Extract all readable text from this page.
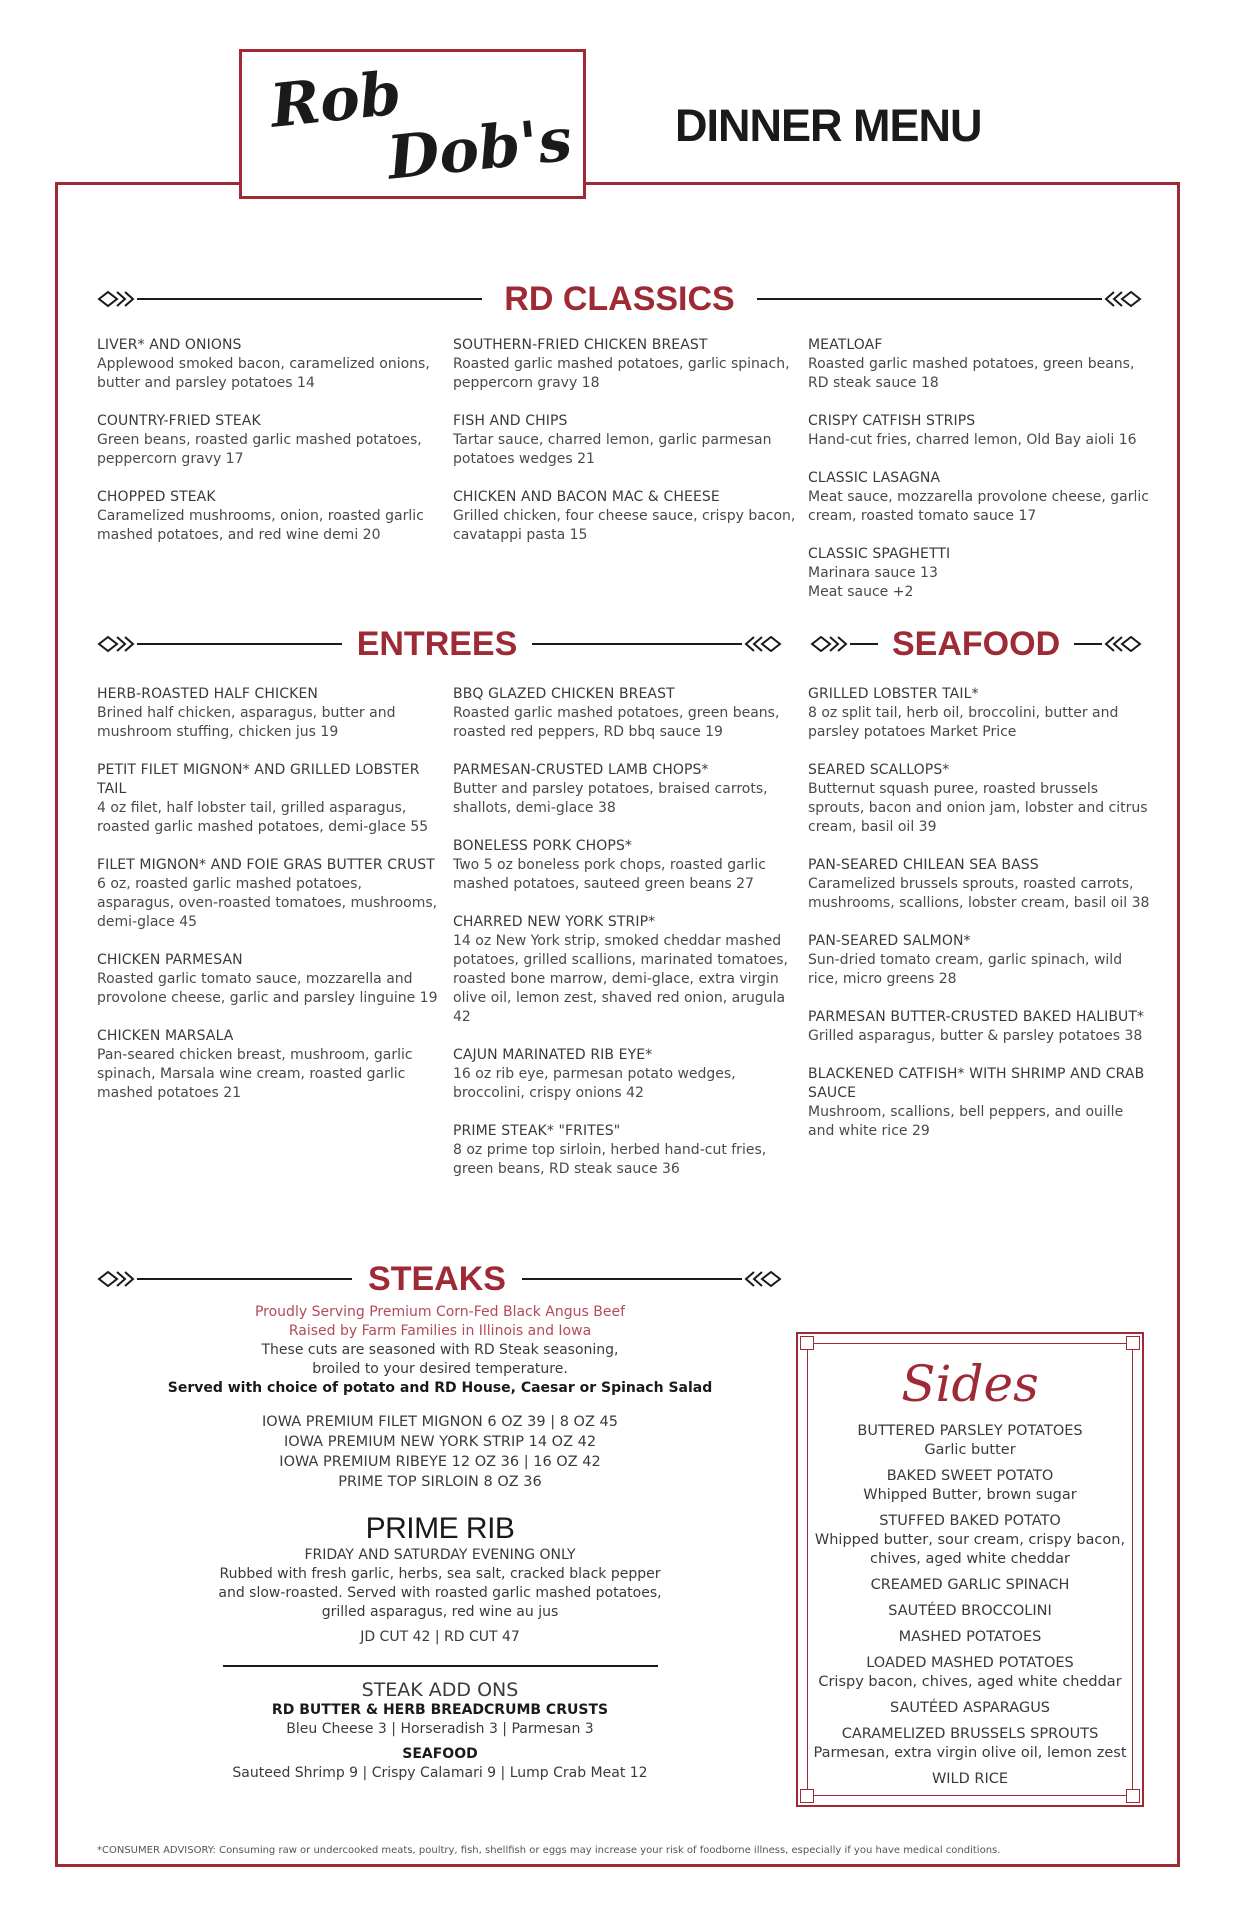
Rob
Dob's DINNER MENU
RD CLASSICS
LIVER* AND ONIONS
Applewood smoked bacon, caramelized onions, butter and parsley potatoes 14
COUNTRY-FRIED STEAK
Green beans, roasted garlic mashed potatoes, peppercorn gravy 17
CHOPPED STEAK
Caramelized mushrooms, onion, roasted garlic mashed potatoes, and red wine demi 20
SOUTHERN-FRIED CHICKEN BREAST
Roasted garlic mashed potatoes, garlic spinach, peppercorn gravy 18
FISH AND CHIPS
Tartar sauce, charred lemon, garlic parmesan potatoes wedges 21
CHICKEN AND BACON MAC & CHEESE
Grilled chicken, four cheese sauce, crispy bacon, cavatappi pasta 15
MEATLOAF
Roasted garlic mashed potatoes, green beans, RD steak sauce 18
CRISPY CATFISH STRIPS
Hand-cut fries, charred lemon, Old Bay aioli 16
CLASSIC LASAGNA
Meat sauce, mozzarella provolone cheese, garlic cream, roasted tomato sauce 17
CLASSIC SPAGHETTI
Marinara sauce 13
Meat sauce +2
ENTREES	SEAFOOD
HERB-ROASTED HALF CHICKEN
Brined half chicken, asparagus, butter and mushroom stuffing, chicken jus 19
PETIT FILET MIGNON* AND GRILLED LOBSTER TAIL
4 oz filet, half lobster tail, grilled asparagus, roasted garlic mashed potatoes, demi-glace 55
FILET MIGNON* AND FOIE GRAS BUTTER CRUST
6 oz, roasted garlic mashed potatoes, asparagus, oven-roasted tomatoes, mushrooms, demi-glace 45
CHICKEN PARMESAN
Roasted garlic tomato sauce, mozzarella and provolone cheese, garlic and parsley linguine 19
CHICKEN MARSALA
Pan-seared chicken breast, mushroom, garlic spinach, Marsala wine cream, roasted garlic mashed potatoes 21
BBQ GLAZED CHICKEN BREAST
Roasted garlic mashed potatoes, green beans, roasted red peppers, RD bbq sauce 19
PARMESAN-CRUSTED LAMB CHOPS*
Butter and parsley potatoes, braised carrots, shallots, demi-glace 38
BONELESS PORK CHOPS*
Two 5 oz boneless pork chops, roasted garlic mashed potatoes, sauteed green beans 27
CHARRED NEW YORK STRIP*
14 oz New York strip, smoked cheddar mashed potatoes, grilled scallions, marinated tomatoes, roasted bone marrow, demi-glace, extra virgin olive oil, lemon zest, shaved red onion, arugula 42
CAJUN MARINATED RIB EYE*
16 oz rib eye, parmesan potato wedges, broccolini, crispy onions 42
PRIME STEAK* "FRITES"
8 oz prime top sirloin, herbed hand-cut fries, green beans, RD steak sauce 36
GRILLED LOBSTER TAIL*
8 oz split tail, herb oil, broccolini, butter and parsley potatoes Market Price
SEARED SCALLOPS*
Butternut squash puree, roasted brussels sprouts, bacon and onion jam, lobster and citrus cream, basil oil 39
PAN-SEARED CHILEAN SEA BASS
Caramelized brussels sprouts, roasted carrots, mushrooms, scallions, lobster cream, basil oil 38
PAN-SEARED SALMON*
Sun-dried tomato cream, garlic spinach, wild rice, micro greens 28
PARMESAN BUTTER-CRUSTED BAKED HALIBUT*
Grilled asparagus, butter & parsley potatoes 38
BLACKENED CATFISH* WITH SHRIMP AND CRAB SAUCE
Mushroom, scallions, bell peppers, and ouille and white rice 29
STEAKS
Proudly Serving Premium Corn-Fed Black Angus Beef
Raised by Farm Families in Illinois and Iowa
These cuts are seasoned with RD Steak seasoning,
broiled to your desired temperature.
Served with choice of potato and RD House, Caesar or Spinach Salad
IOWA PREMIUM FILET MIGNON 6 OZ 39 | 8 OZ 45
IOWA PREMIUM NEW YORK STRIP 14 OZ 42
IOWA PREMIUM RIBEYE 12 OZ 36 | 16 OZ 42
PRIME TOP SIRLOIN 8 OZ 36
PRIME RIB
FRIDAY AND SATURDAY EVENING ONLY
Rubbed with fresh garlic, herbs, sea salt, cracked black pepper
and slow-roasted. Served with roasted garlic mashed potatoes,
grilled asparagus, red wine au jus
JD CUT 42 | RD CUT 47
STEAK ADD ONS
RD BUTTER & HERB BREADCRUMB CRUSTS
Bleu Cheese 3 | Horseradish 3 | Parmesan 3
SEAFOOD
Sauteed Shrimp 9 | Crispy Calamari 9 | Lump Crab Meat 12
Sides
BUTTERED PARSLEY POTATOES
Garlic butter
BAKED SWEET POTATO
Whipped Butter, brown sugar
STUFFED BAKED POTATO
Whipped butter, sour cream, crispy bacon, chives, aged white cheddar
CREAMED GARLIC SPINACH
SAUTÉED BROCCOLINI
MASHED POTATOES
LOADED MASHED POTATOES
Crispy bacon, chives, aged white cheddar
SAUTÉED ASPARAGUS
CARAMELIZED BRUSSELS SPROUTS
Parmesan, extra virgin olive oil, lemon zest
WILD RICE
*CONSUMER ADVISORY: Consuming raw or undercooked meats, poultry, fish, shellfish or eggs may increase your risk of foodborne illness, especially if you have medical conditions.
